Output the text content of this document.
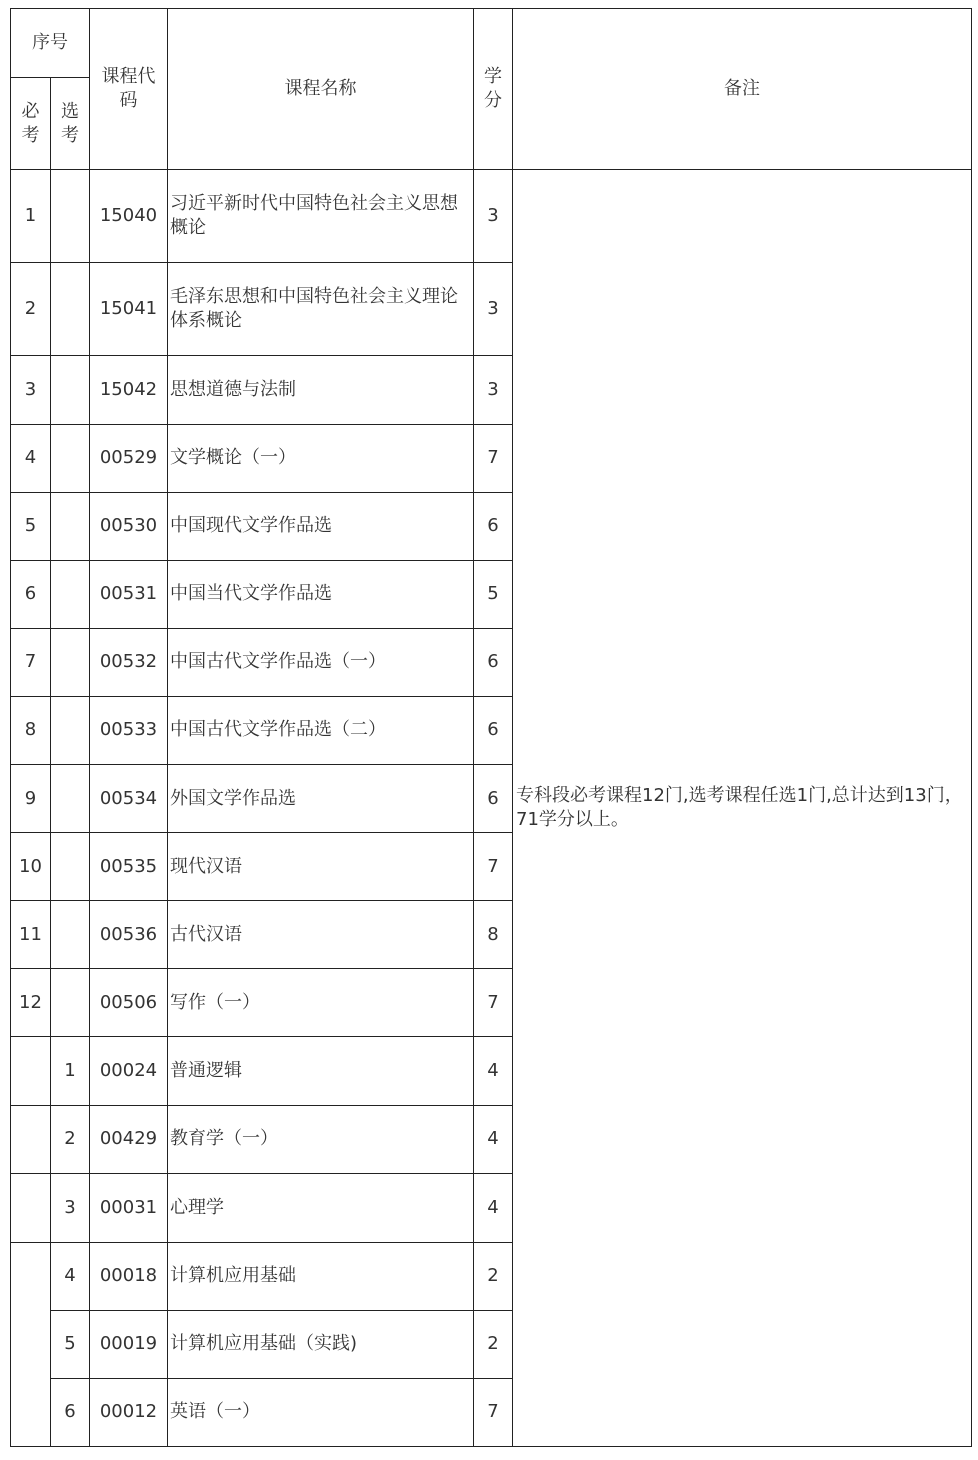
序号		课程代码	课程名称	学分	备注
必考	选考				
1		15040	习近平新时代中国特色社会主义思想概论	3	专科段必考课程12门,选考课程任选1门,总计达到13门，71学分以上。
2		15041	毛泽东思想和中国特色社会主义理论体系概论	3	
3		15042	思想道德与法制	3	
4		00529	文学概论（一）	7	
5		00530	中国现代文学作品选	6	
6		00531	中国当代文学作品选	5	
7		00532	中国古代文学作品选（一）	6	
8		00533	中国古代文学作品选（二）	6	
9		00534	外国文学作品选	6	
10		00535	现代汉语	7	
11		00536	古代汉语	8	
12		00506	写作（一）	7	
	1	00024	普通逻辑	4	
	2	00429	教育学（一）	4	
	3	00031	心理学	4	
	4	00018	计算机应用基础	2	
	5	00019	计算机应用基础（实践)	2	
	6	00012	英语（一）	7	
